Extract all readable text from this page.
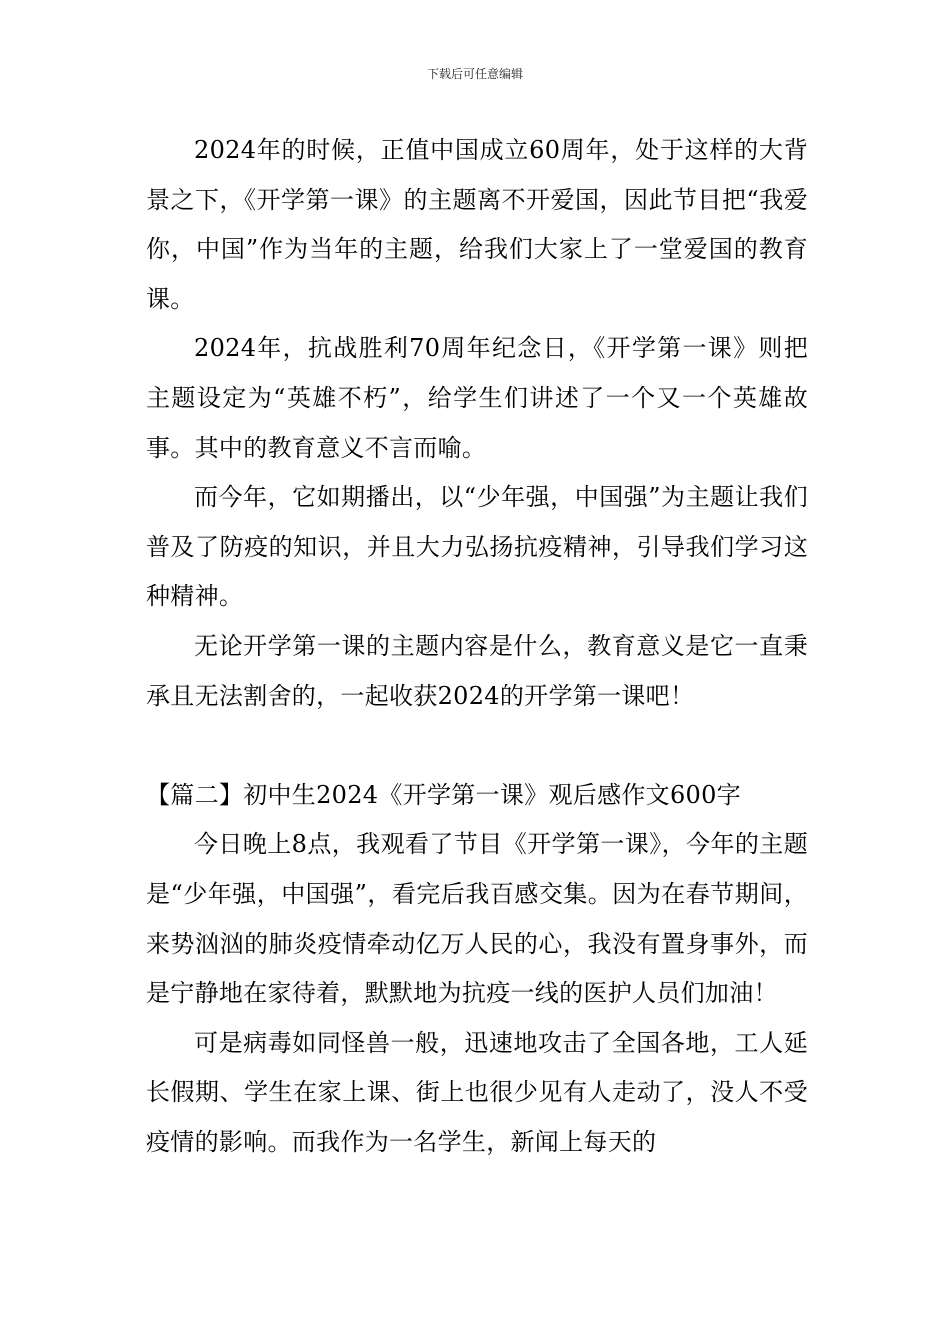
下载后可任意编辑

2024年的时候，正值中国成立60周年，处于这样的大背景之下，《开学第一课》的主题离不开爱国，因此节目把“我爱你，中国”作为当年的主题，给我们大家上了一堂爱国的教育课。

2024年，抗战胜利70周年纪念日，《开学第一课》则把主题设定为“英雄不朽”，给学生们讲述了一个又一个英雄故事。其中的教育意义不言而喻。

而今年，它如期播出，以“少年强，中国强”为主题让我们普及了防疫的知识，并且大力弘扬抗疫精神，引导我们学习这种精神。

无论开学第一课的主题内容是什么，教育意义是它一直秉承且无法割舍的，一起收获2024的开学第一课吧！

【篇二】初中生2024《开学第一课》观后感作文600字

今日晚上8点，我观看了节目《开学第一课》，今年的主题是“少年强，中国强”，看完后我百感交集。因为在春节期间，来势汹汹的肺炎疫情牵动亿万人民的心，我没有置身事外，而是宁静地在家待着，默默地为抗疫一线的医护人员们加油！

可是病毒如同怪兽一般，迅速地攻击了全国各地，工人延长假期、学生在家上课、街上也很少见有人走动了，没人不受疫情的影响。而我作为一名学生，新闻上每天的
